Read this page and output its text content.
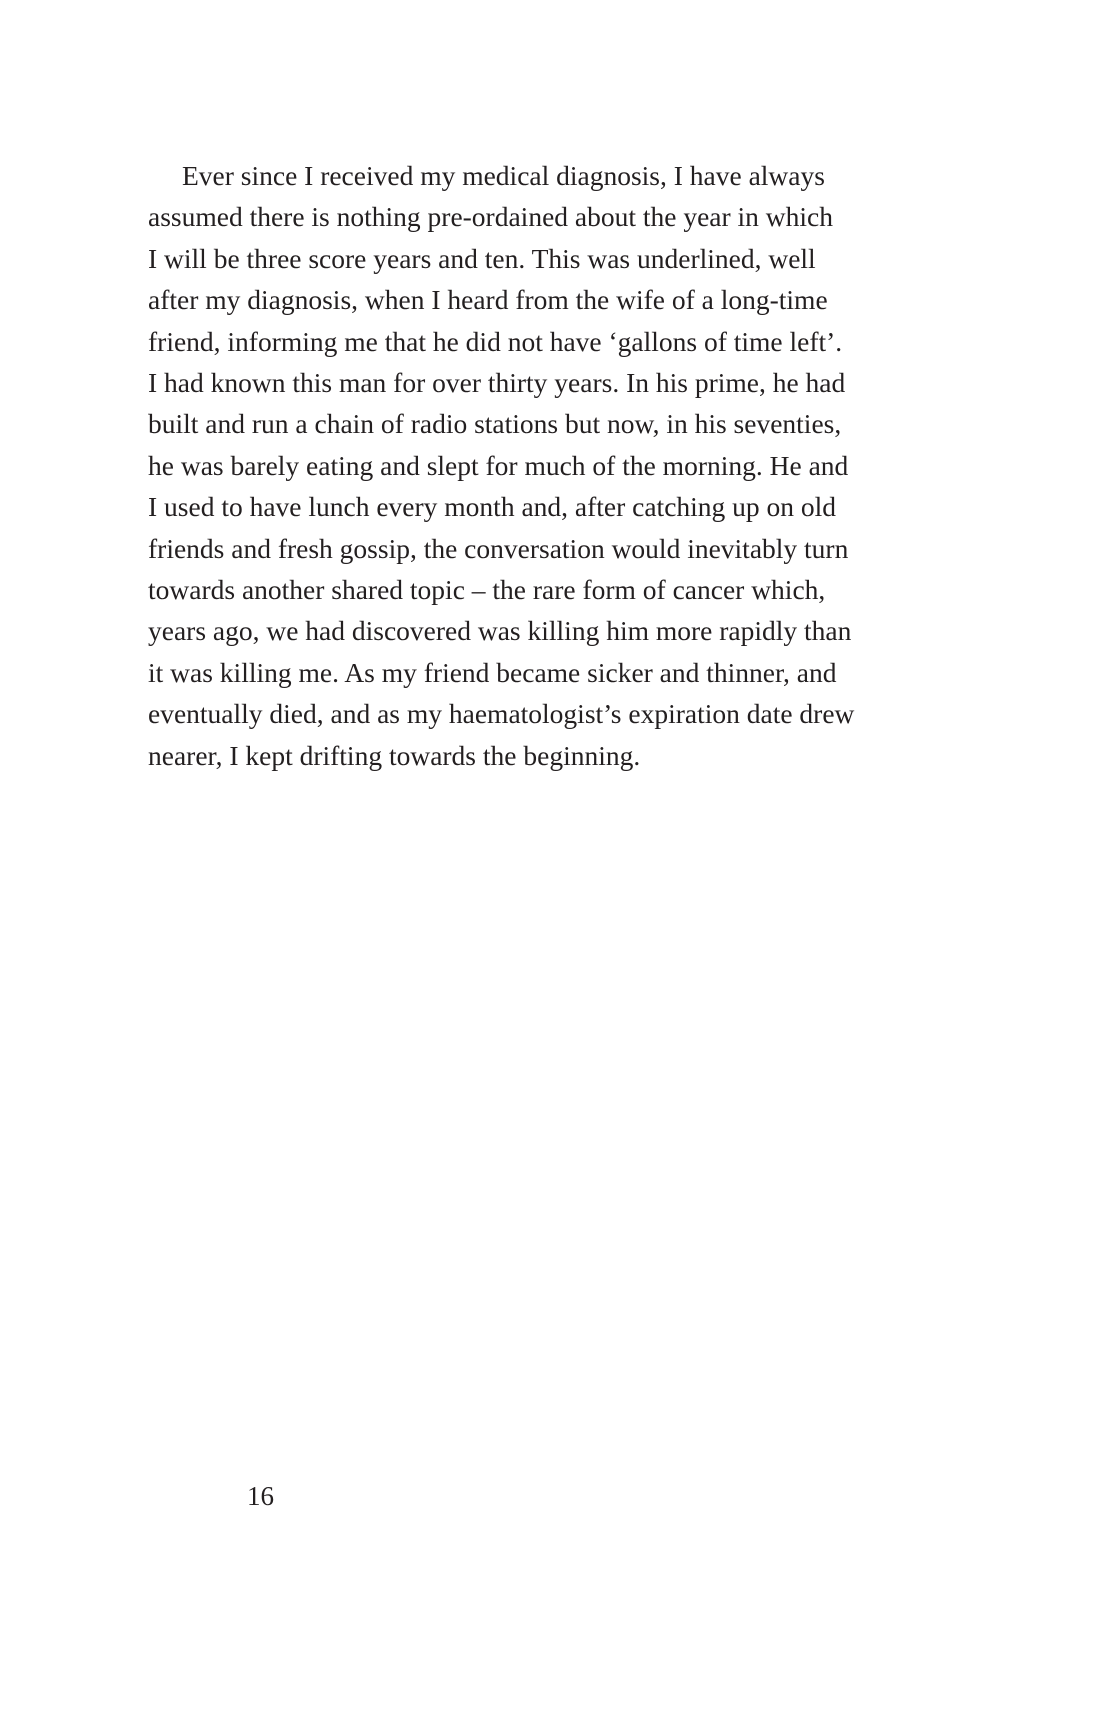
Ever since I received my medical diagnosis, I have always
assumed there is nothing pre-ordained about the year in which
I will be three score years and ten. This was underlined, well
after my diagnosis, when I heard from the wife of a long-time
friend, informing me that he did not have ‘gallons of time left’.
I had known this man for over thirty years. In his prime, he had
built and run a chain of radio stations but now, in his seventies,
he was barely eating and slept for much of the morning. He and
I used to have lunch every month and, after catching up on old
friends and fresh gossip, the conversation would inevitably turn
towards another shared topic – the rare form of cancer which,
years ago, we had discovered was killing him more rapidly than
it was killing me. As my friend became sicker and thinner, and
eventually died, and as my haematologist’s expiration date drew
nearer, I kept drifting towards the beginning.
16
